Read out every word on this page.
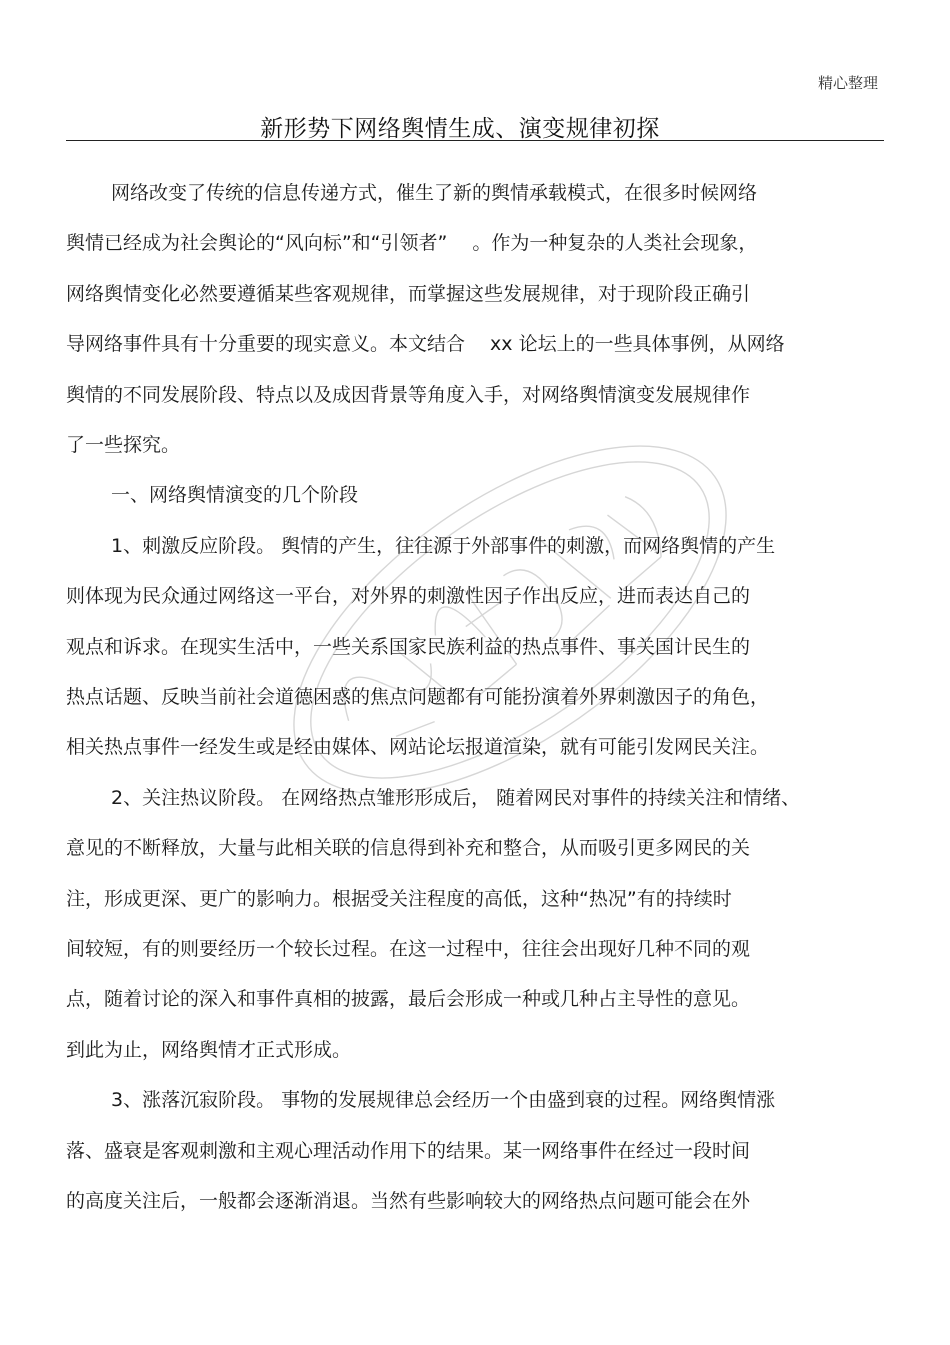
精心整理
新形势下网络舆情生成、演变规律初探
网络改变了传统的信息传递方式，催生了新的舆情承载模式，在很多时候网络
舆情已经成为社会舆论的“风向标”和“引领者”　 。作为一种复杂的人类社会现象，
网络舆情变化必然要遵循某些客观规律，而掌握这些发展规律，对于现阶段正确引
导网络事件具有十分重要的现实意义。本文结合　 xx 论坛上的一些具体事例，从网络
舆情的不同发展阶段、特点以及成因背景等角度入手，对网络舆情演变发展规律作
了一些探究。
一、网络舆情演变的几个阶段
1、刺激反应阶段。 舆情的产生，往往源于外部事件的刺激，而网络舆情的产生
则体现为民众通过网络这一平台，对外界的刺激性因子作出反应，进而表达自己的
观点和诉求。在现实生活中，一些关系国家民族利益的热点事件、事关国计民生的
热点话题、反映当前社会道德困惑的焦点问题都有可能扮演着外界刺激因子的角色，
相关热点事件一经发生或是经由媒体、网站论坛报道渲染，就有可能引发网民关注。
2、关注热议阶段。 在网络热点雏形形成后， 随着网民对事件的持续关注和情绪、
意见的不断释放，大量与此相关联的信息得到补充和整合，从而吸引更多网民的关
注，形成更深、更广的影响力。根据受关注程度的高低，这种“热况”有的持续时
间较短，有的则要经历一个较长过程。在这一过程中，往往会出现好几种不同的观
点，随着讨论的深入和事件真相的披露，最后会形成一种或几种占主导性的意见。
到此为止，网络舆情才正式形成。
3、涨落沉寂阶段。 事物的发展规律总会经历一个由盛到衰的过程。网络舆情涨
落、盛衰是客观刺激和主观心理活动作用下的结果。某一网络事件在经过一段时间
的高度关注后，一般都会逐渐消退。当然有些影响较大的网络热点问题可能会在外
